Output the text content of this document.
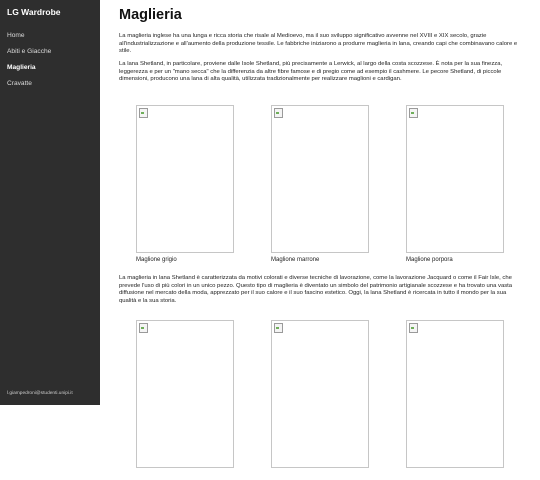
LG Wardrobe
Home
Abiti e Giacche
Maglieria
Cravatte
l.giampedroni@studenti.unipi.it
Maglieria

La maglieria inglese ha una lunga e ricca storia che risale al Medioevo, ma il suo sviluppo significativo avvenne nel XVIII e XIX secolo, grazie all'industrializzazione e all'aumento della produzione tessile. Le fabbriche iniziarono a produrre maglieria in lana, creando capi che combinavano calore e stile.

La lana Shetland, in particolare, proviene dalle Isole Shetland, più precisamente a Lerwick, al largo della costa scozzese. È nota per la sua finezza, leggerezza e per un "mano secca" che la differenzia da altre fibre famose e di pregio come ad esempio il cashmere. Le pecore Shetland, di piccole dimensioni, producono una lana di alta qualità, utilizzata tradizionalmente per realizzare maglioni e cardigan.

Maglione grigio	Maglione marrone	Maglione porpora

La maglieria in lana Shetland è caratterizzata da motivi colorati e diverse tecniche di lavorazione, come la lavorazione Jacquard o come il Fair Isle, che prevede l'uso di più colori in un unico pezzo. Questo tipo di maglieria è diventato un simbolo del patrimonio artigianale scozzese e ha trovato una vasta diffusione nel mercato della moda, apprezzato per il suo calore e il suo fascino estetico. Oggi, la lana Shetland è ricercata in tutto il mondo per la sua qualità e la sua storia.
